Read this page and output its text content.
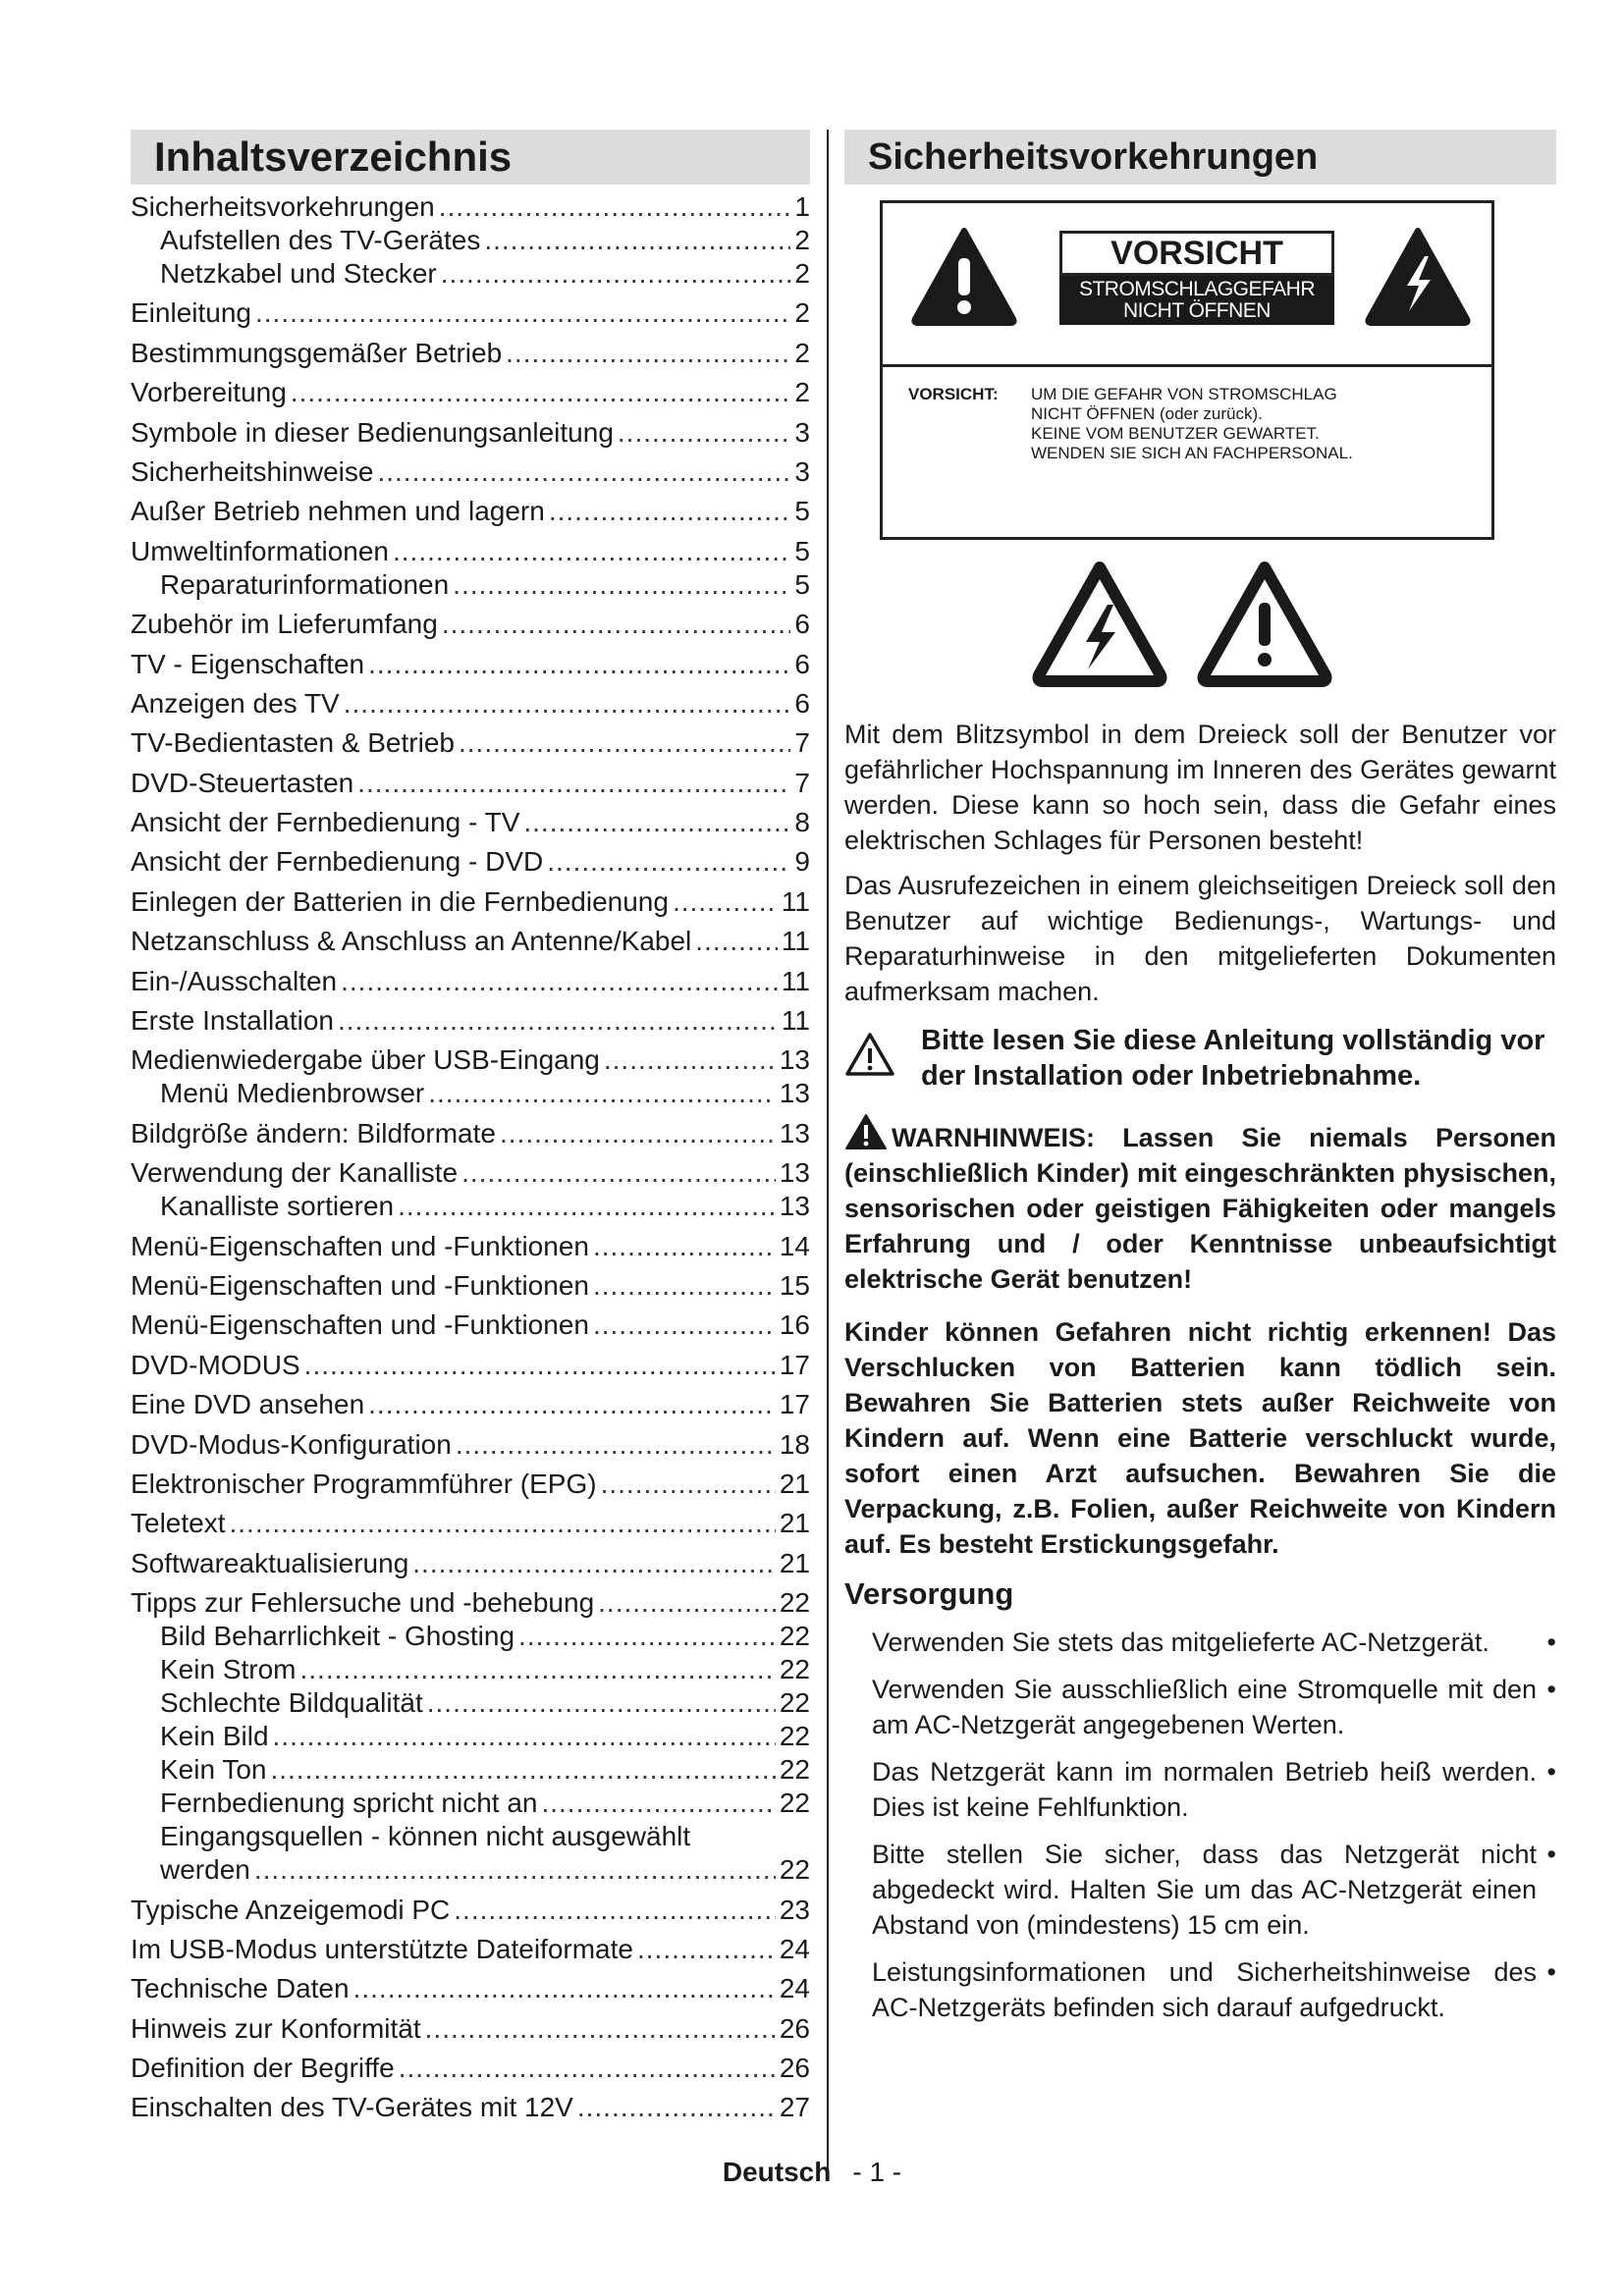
Inhaltsverzeichnis
Sicherheitsvorkehrungen .....	1
Aufstellen des TV-Gerätes .....	2
Netzkabel und Stecker .....	2
Einleitung .....	2
Bestimmungsgemäßer Betrieb .....	2
Vorbereitung .....	2
Symbole in dieser Bedienungsanleitung .....	3
Sicherheitshinweise .....	3
Außer Betrieb nehmen und lagern .....	5
Umweltinformationen .....	5
Reparaturinformationen .....	5
Zubehör im Lieferumfang .....	6
TV - Eigenschaften .....	6
Anzeigen des TV .....	6
TV-Bedientasten & Betrieb .....	7
DVD-Steuertasten .....	7
Ansicht der Fernbedienung - TV .....	8
Ansicht der Fernbedienung - DVD .....	9
Einlegen der Batterien in die Fernbedienung .....	11
Netzanschluss & Anschluss an Antenne/Kabel .....	11
Ein-/Ausschalten .....	11
Erste Installation .....	11
Medienwiedergabe über USB-Eingang .....	13
Menü Medienbrowser .....	13
Bildgröße ändern: Bildformate .....	13
Verwendung der Kanalliste .....	13
Kanalliste sortieren .....	13
Menü-Eigenschaften und -Funktionen .....	14
Menü-Eigenschaften und -Funktionen .....	15
Menü-Eigenschaften und -Funktionen .....	16
DVD-MODUS .....	17
Eine DVD ansehen .....	17
DVD-Modus-Konfiguration .....	18
Elektronischer Programmführer (EPG) .....	21
Teletext .....	21
Softwareaktualisierung .....	21
Tipps zur Fehlersuche und -behebung .....	22
Bild Beharrlichkeit - Ghosting .....	22
Kein Strom .....	22
Schlechte Bildqualität .....	22
Kein Bild .....	22
Kein Ton .....	22
Fernbedienung spricht nicht an .....	22
Eingangsquellen - können nicht ausgewählt
werden .....	22
Typische Anzeigemodi PC .....	23
Im USB-Modus unterstützte Dateiformate .....	24
Technische Daten .....	24
Hinweis zur Konformität .....	26
Definition der Begriffe .....	26
Einschalten des TV-Gerätes mit 12V .....	27
Sicherheitsvorkehrungen
VORSICHT
STROMSCHLAGGEFAHR
NICHT ÖFFNEN
VORSICHT: UM DIE GEFAHR VON STROMSCHLAG
NICHT ÖFFNEN (oder zurück).
KEINE VOM BENUTZER GEWARTET.
WENDEN SIE SICH AN FACHPERSONAL.
Mit dem Blitzsymbol in dem Dreieck soll der Benutzer vor gefährlicher Hochspannung im Inneren des Gerätes gewarnt werden. Diese kann so hoch sein, dass die Gefahr eines elektrischen Schlages für Personen besteht!
Das Ausrufezeichen in einem gleichseitigen Dreieck soll den Benutzer auf wichtige Bedienungs-, Wartungs- und Reparaturhinweise in den mitgelieferten Dokumenten aufmerksam machen.
Bitte lesen Sie diese Anleitung vollständig vor der Installation oder Inbetriebnahme.
WARNHINWEIS: Lassen Sie niemals Personen (einschließlich Kinder) mit eingeschränkten physischen, sensorischen oder geistigen Fähigkeiten oder mangels Erfahrung und / oder Kenntnisse unbeaufsichtigt elektrische Gerät benutzen!
Kinder können Gefahren nicht richtig erkennen! Das Verschlucken von Batterien kann tödlich sein. Bewahren Sie Batterien stets außer Reichweite von Kindern auf. Wenn eine Batterie verschluckt wurde, sofort einen Arzt aufsuchen. Bewahren Sie die Verpackung, z.B. Folien, außer Reichweite von Kindern auf. Es besteht Erstickungsgefahr.
Versorgung
Verwenden Sie stets das mitgelieferte AC-Netzgerät.	•
Verwenden Sie ausschließlich eine Stromquelle mit den am AC-Netzgerät angegebenen Werten.
•
Das Netzgerät kann im normalen Betrieb heiß werden. Dies ist keine Fehlfunktion.
•
Bitte stellen Sie sicher, dass das Netzgerät nicht abgedeckt wird. Halten Sie um das AC-Netzgerät einen Abstand von (mindestens) 15 cm ein.
•
Leistungsinformationen und Sicherheitshinweise des AC-Netzgeräts befinden sich darauf aufgedruckt.
•
Deutsch - 1 -
